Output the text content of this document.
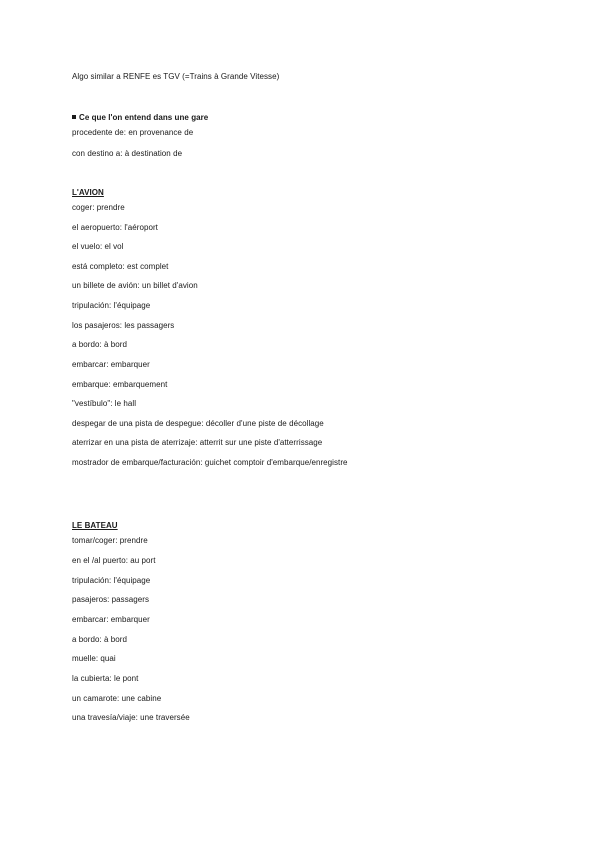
Algo similar a RENFE es TGV (=Trains à Grande Vitesse)
Ce que l'on entend dans une gare
procedente de: en provenance de
con destino a: à destination de
L'AVION
coger: prendre
el aeropuerto: l'aéroport
el vuelo: el vol
está completo: est complet
un billete de avión: un billet d'avion
tripulación: l'équipage
los pasajeros: les passagers
a bordo: à bord
embarcar: embarquer
embarque: embarquement
"vestíbulo": le hall
despegar de una pista de despegue: décoller d'une piste de décollage
aterrizar en una pista de aterrizaje: atterrit sur une piste d'atterrissage
mostrador de embarque/facturación: guichet comptoir d'embarque/enregistre
LE BATEAU
tomar/coger: prendre
en el /al puerto: au port
tripulación: l'équipage
pasajeros: passagers
embarcar: embarquer
a bordo: à bord
muelle: quai
la cubierta: le pont
un camarote: une cabine
una travesía/viaje: une traversée
